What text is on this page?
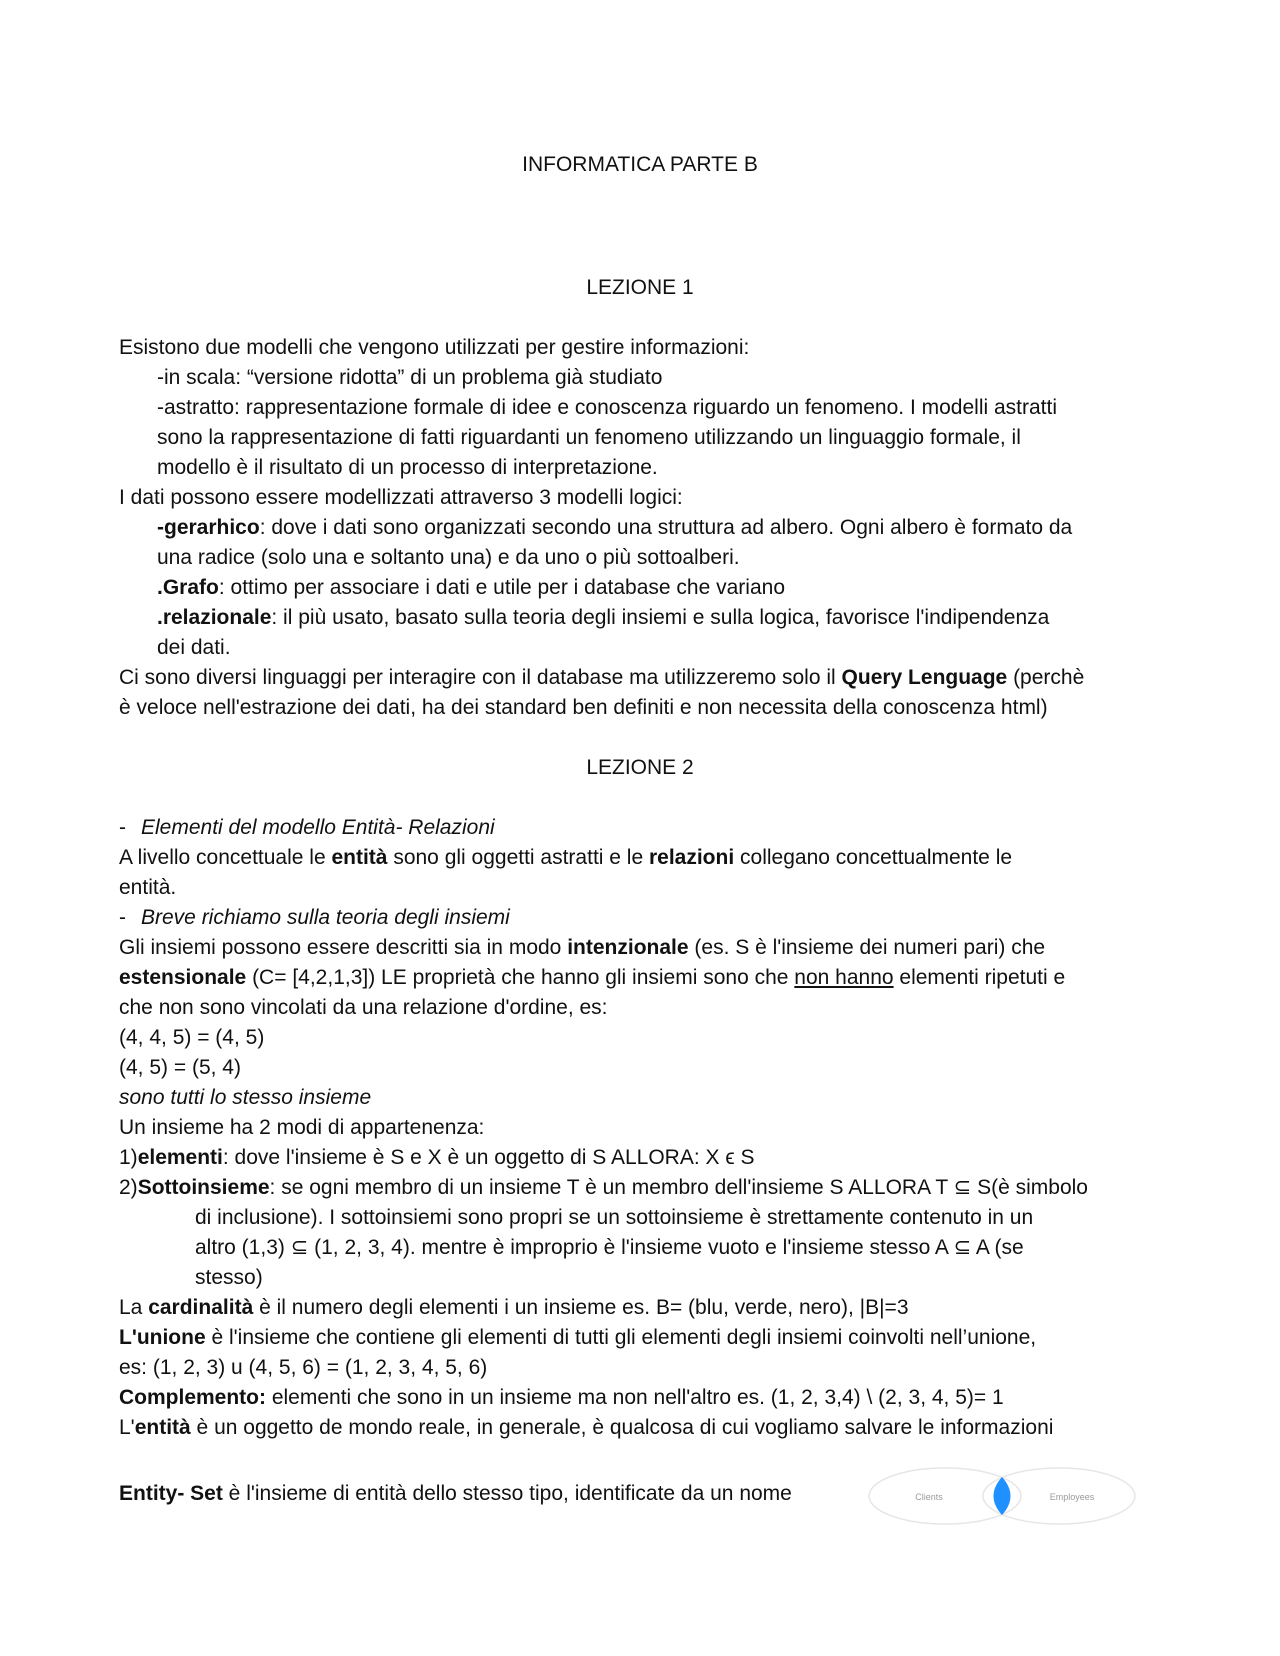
INFORMATICA PARTE B
LEZIONE 1
Esistono due modelli che vengono utilizzati per gestire informazioni:
-in scala: “versione ridotta” di un problema già studiato
-astratto: rappresentazione formale di idee e conoscenza riguardo un fenomeno. I modelli astratti
sono la rappresentazione di fatti riguardanti un fenomeno utilizzando un linguaggio formale, il
modello è il risultato di un processo di interpretazione.
I dati possono essere modellizzati attraverso 3 modelli logici:
-gerarhico: dove i dati sono organizzati secondo una struttura ad albero. Ogni albero è formato da
una radice (solo una e soltanto una) e da uno o più sottoalberi.
.Grafo: ottimo per associare i dati e utile per i database che variano
.relazionale: il più usato, basato sulla teoria degli insiemi e sulla logica, favorisce l'indipendenza
dei dati.
Ci sono diversi linguaggi per interagire con il database ma utilizzeremo solo il Query Lenguage (perchè
è veloce nell'estrazione dei dati, ha dei standard ben definiti e non necessita della conoscenza html)
LEZIONE 2
- Elementi del modello Entità- Relazioni
A livello concettuale le entità sono gli oggetti astratti e le relazioni collegano concettualmente le
entità.
- Breve richiamo sulla teoria degli insiemi
Gli insiemi possono essere descritti sia in modo intenzionale (es. S è l'insieme dei numeri pari) che
estensionale (C= [4,2,1,3]) LE proprietà che hanno gli insiemi sono che non hanno elementi ripetuti e
che non sono vincolati da una relazione d'ordine, es:
(4, 4, 5) = (4, 5)
(4, 5) = (5, 4)
sono tutti lo stesso insieme
Un insieme ha 2 modi di appartenenza:
1)elementi: dove l'insieme è S e X è un oggetto di S ALLORA: X ϵ S
2)Sottoinsieme: se ogni membro di un insieme T è un membro dell'insieme S ALLORA T ⊆ S(è simbolo
di inclusione). I sottoinsiemi sono propri se un sottoinsieme è strettamente contenuto in un
altro (1,3) ⊆ (1, 2, 3, 4). mentre è improprio è l'insieme vuoto e l'insieme stesso A ⊆ A (se
stesso)
La cardinalità è il numero degli elementi i un insieme es. B= (blu, verde, nero), |B|=3
L'unione è l'insieme che contiene gli elementi di tutti gli elementi degli insiemi coinvolti nell’unione,
es: (1, 2, 3) u (4, 5, 6) = (1, 2, 3, 4, 5, 6)
Complemento: elementi che sono in un insieme ma non nell'altro es. (1, 2, 3,4) \ (2, 3, 4, 5)= 1
L'entità è un oggetto de mondo reale, in generale, è qualcosa di cui vogliamo salvare le informazioni
Clients	Employees
Entity- Set è l'insieme di entità dello stesso tipo, identificate da un nome
